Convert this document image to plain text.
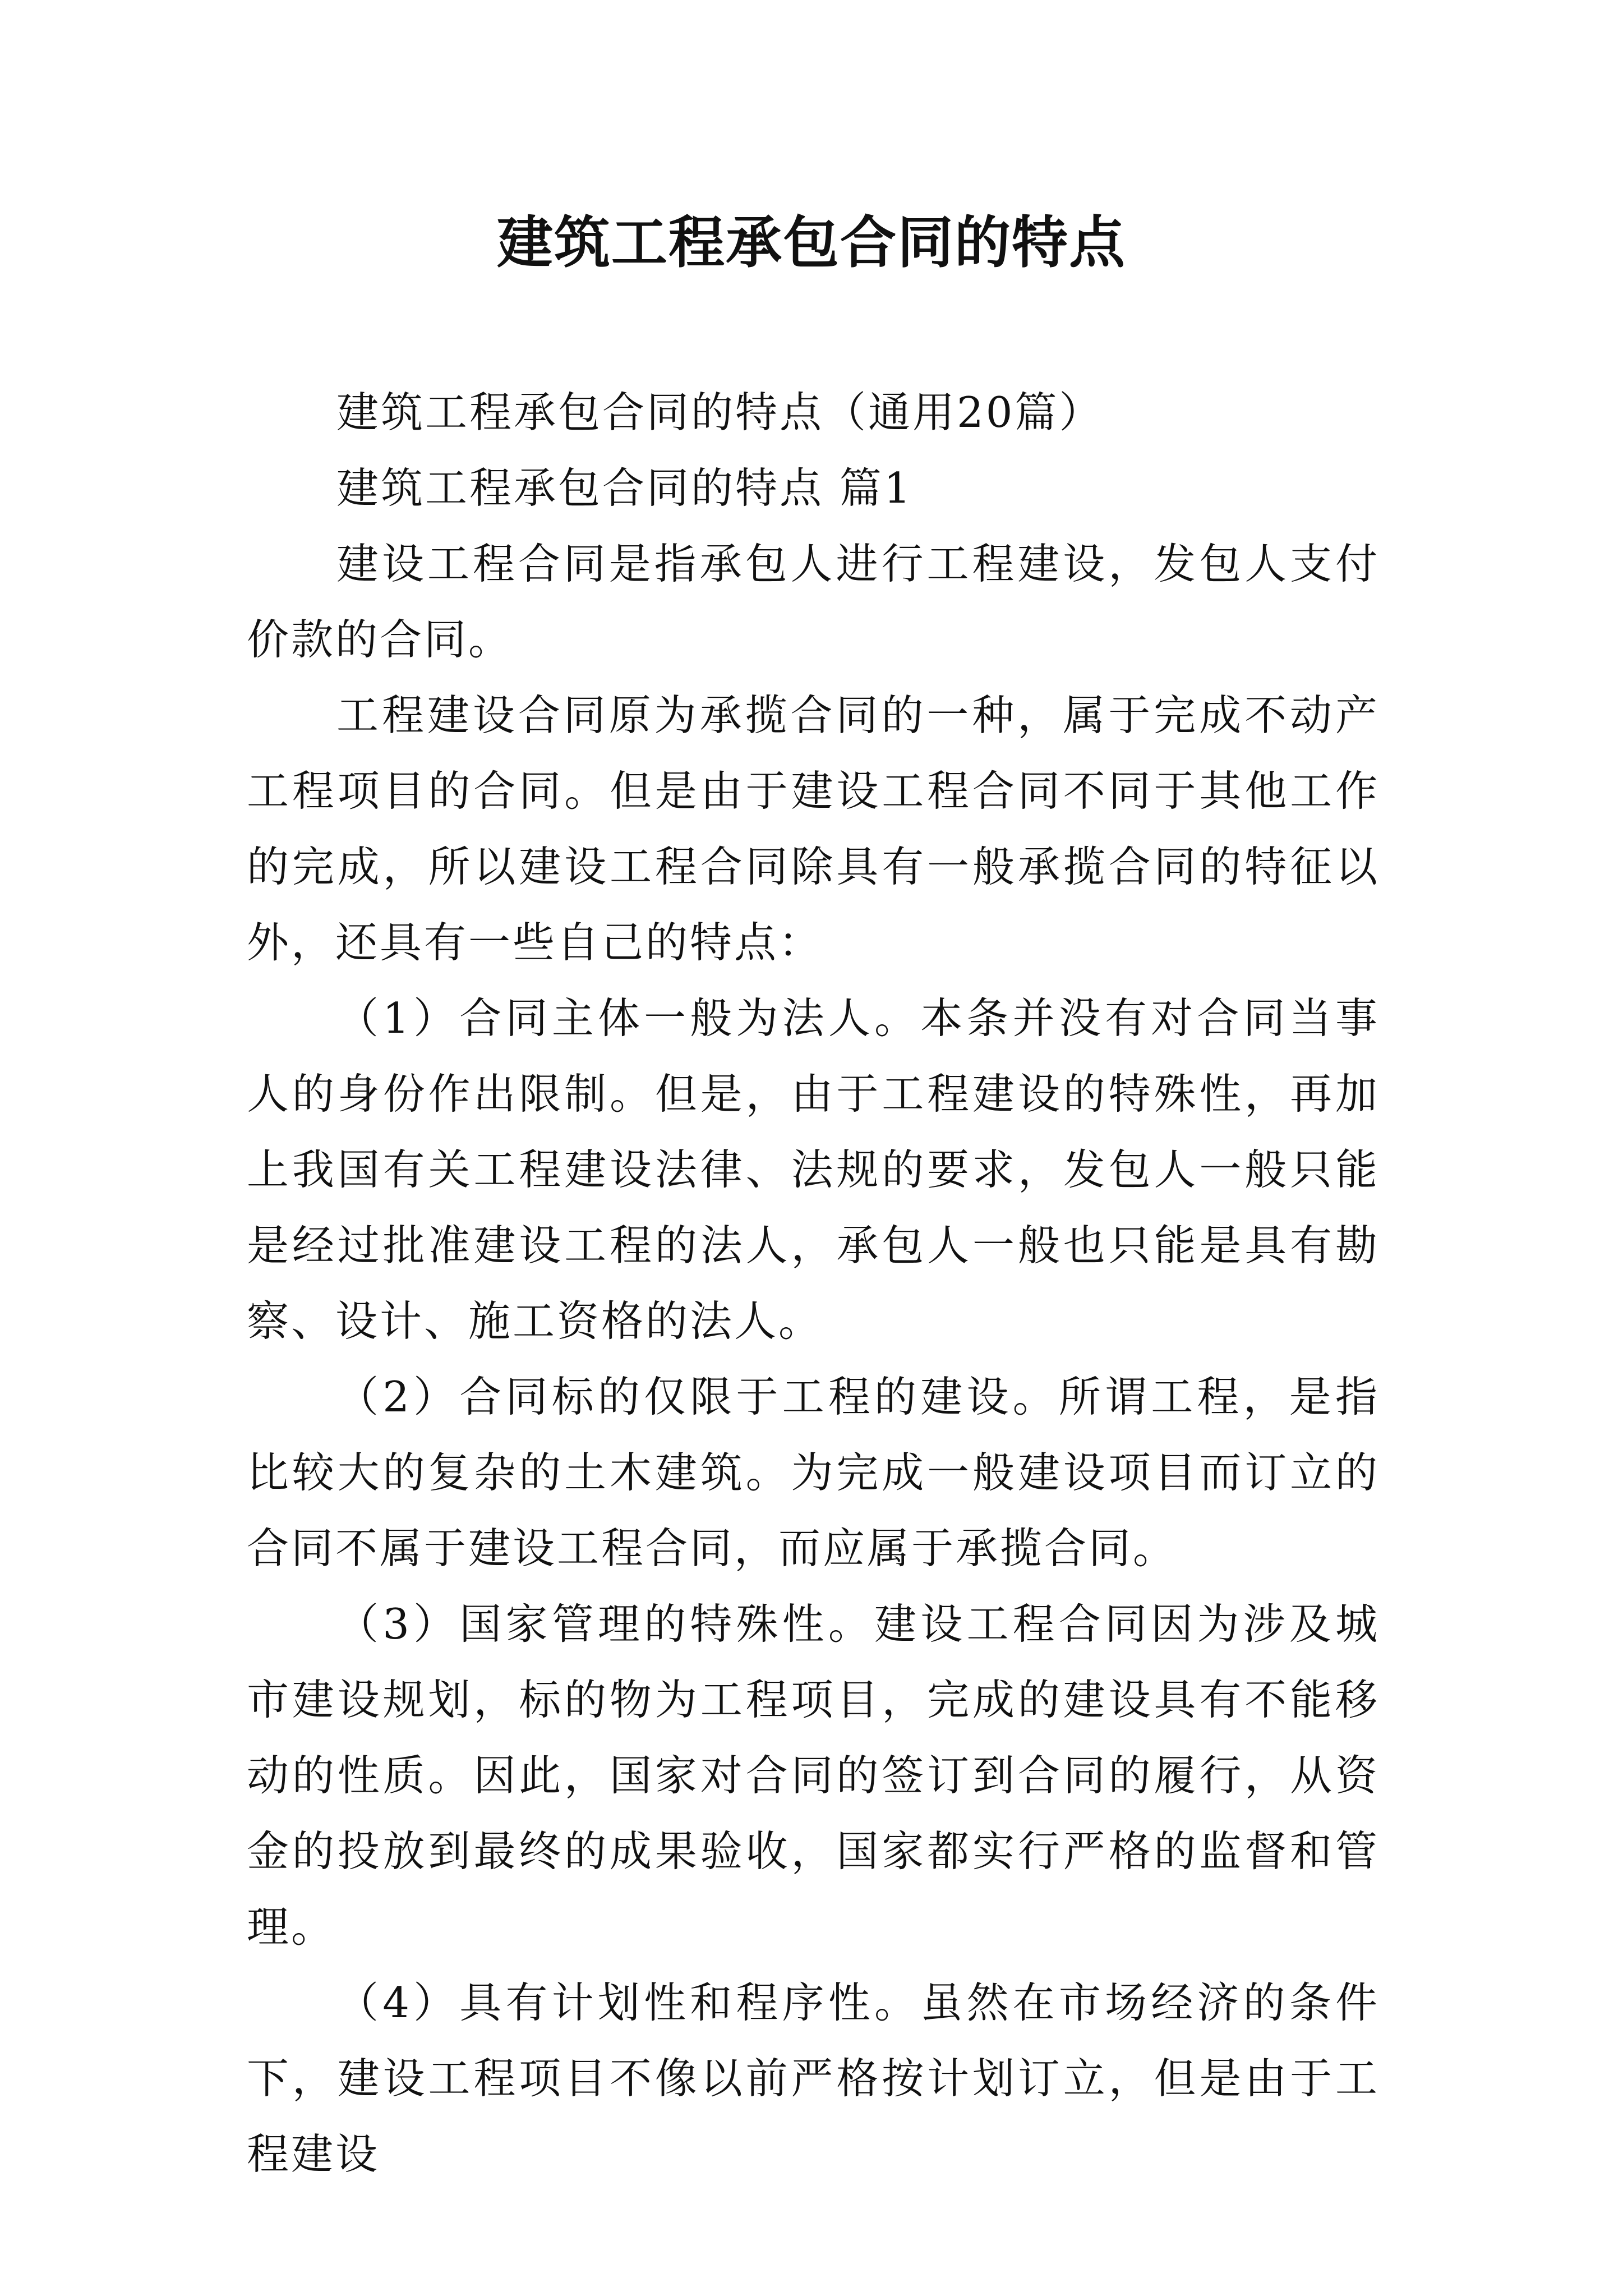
建筑工程承包合同的特点

建筑工程承包合同的特点（通用20篇）

建筑工程承包合同的特点 篇1

建设工程合同是指承包人进行工程建设，发包人支付价款的合同。

工程建设合同原为承揽合同的一种，属于完成不动产工程项目的合同。但是由于建设工程合同不同于其他工作的完成，所以建设工程合同除具有一般承揽合同的特征以外，还具有一些自己的特点：

（1）合同主体一般为法人。本条并没有对合同当事人的身份作出限制。但是，由于工程建设的特殊性，再加上我国有关工程建设法律、法规的要求，发包人一般只能是经过批准建设工程的法人，承包人一般也只能是具有勘察、设计、施工资格的法人。

（2）合同标的仅限于工程的建设。所谓工程，是指比较大的复杂的土木建筑。为完成一般建设项目而订立的合同不属于建设工程合同，而应属于承揽合同。

（3）国家管理的特殊性。建设工程合同因为涉及城市建设规划，标的物为工程项目，完成的建设具有不能移动的性质。因此，国家对合同的签订到合同的履行，从资金的投放到最终的成果验收，国家都实行严格的监督和管理。

（4）具有计划性和程序性。虽然在市场经济的条件下，建设工程项目不像以前严格按计划订立，但是由于工程建设
